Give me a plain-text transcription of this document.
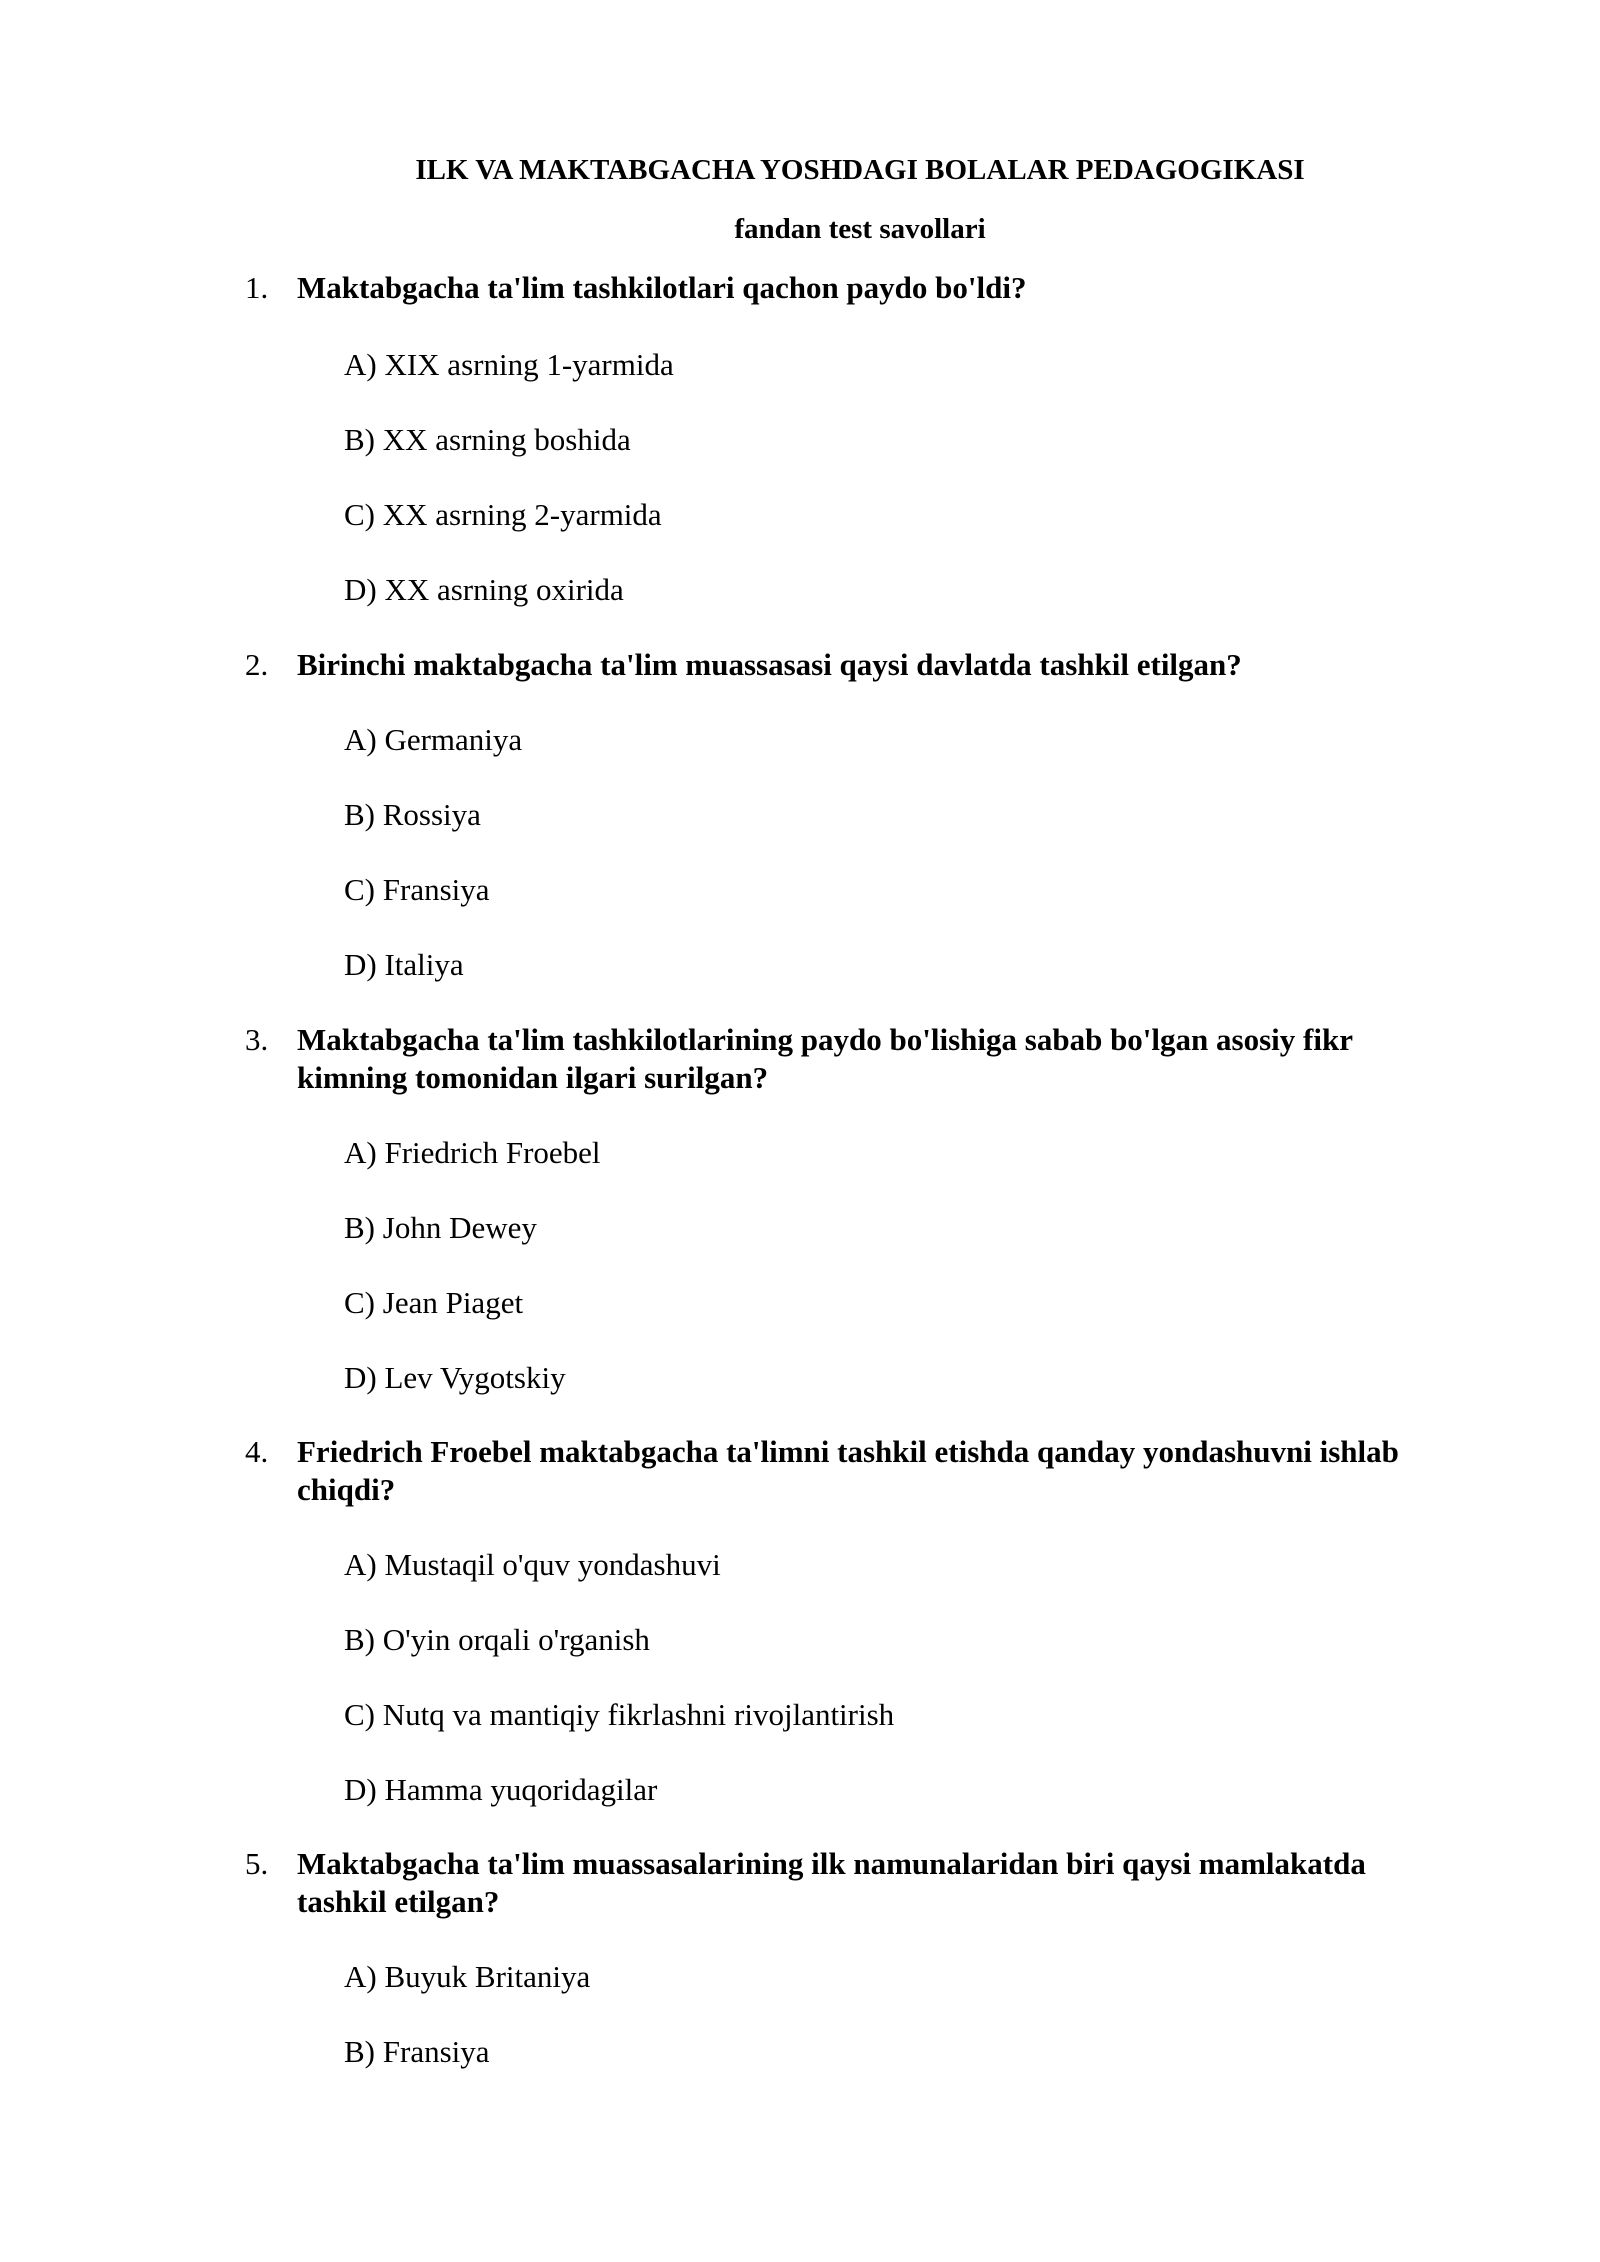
ILK VA MAKTABGACHA YOSHDAGI BOLALAR PEDAGOGIKASI
fandan test savollari
1. Maktabgacha ta'lim tashkilotlari qachon paydo bo'ldi?
A) XIX asrning 1-yarmida
B) XX asrning boshida
C) XX asrning 2-yarmida
D) XX asrning oxirida
2. Birinchi maktabgacha ta'lim muassasasi qaysi davlatda tashkil etilgan?
A) Germaniya
B) Rossiya
C) Fransiya
D) Italiya
3. Maktabgacha ta'lim tashkilotlarining paydo bo'lishiga sabab bo'lgan asosiy fikr kimning tomonidan ilgari surilgan?
A) Friedrich Froebel
B) John Dewey
C) Jean Piaget
D) Lev Vygotskiy
4. Friedrich Froebel maktabgacha ta'limni tashkil etishda qanday yondashuvni ishlab chiqdi?
A) Mustaqil o'quv yondashuvi
B) O'yin orqali o'rganish
C) Nutq va mantiqiy fikrlashni rivojlantirish
D) Hamma yuqoridagilar
5. Maktabgacha ta'lim muassasalarining ilk namunalaridan biri qaysi mamlakatda tashkil etilgan?
A) Buyuk Britaniya
B) Fransiya
